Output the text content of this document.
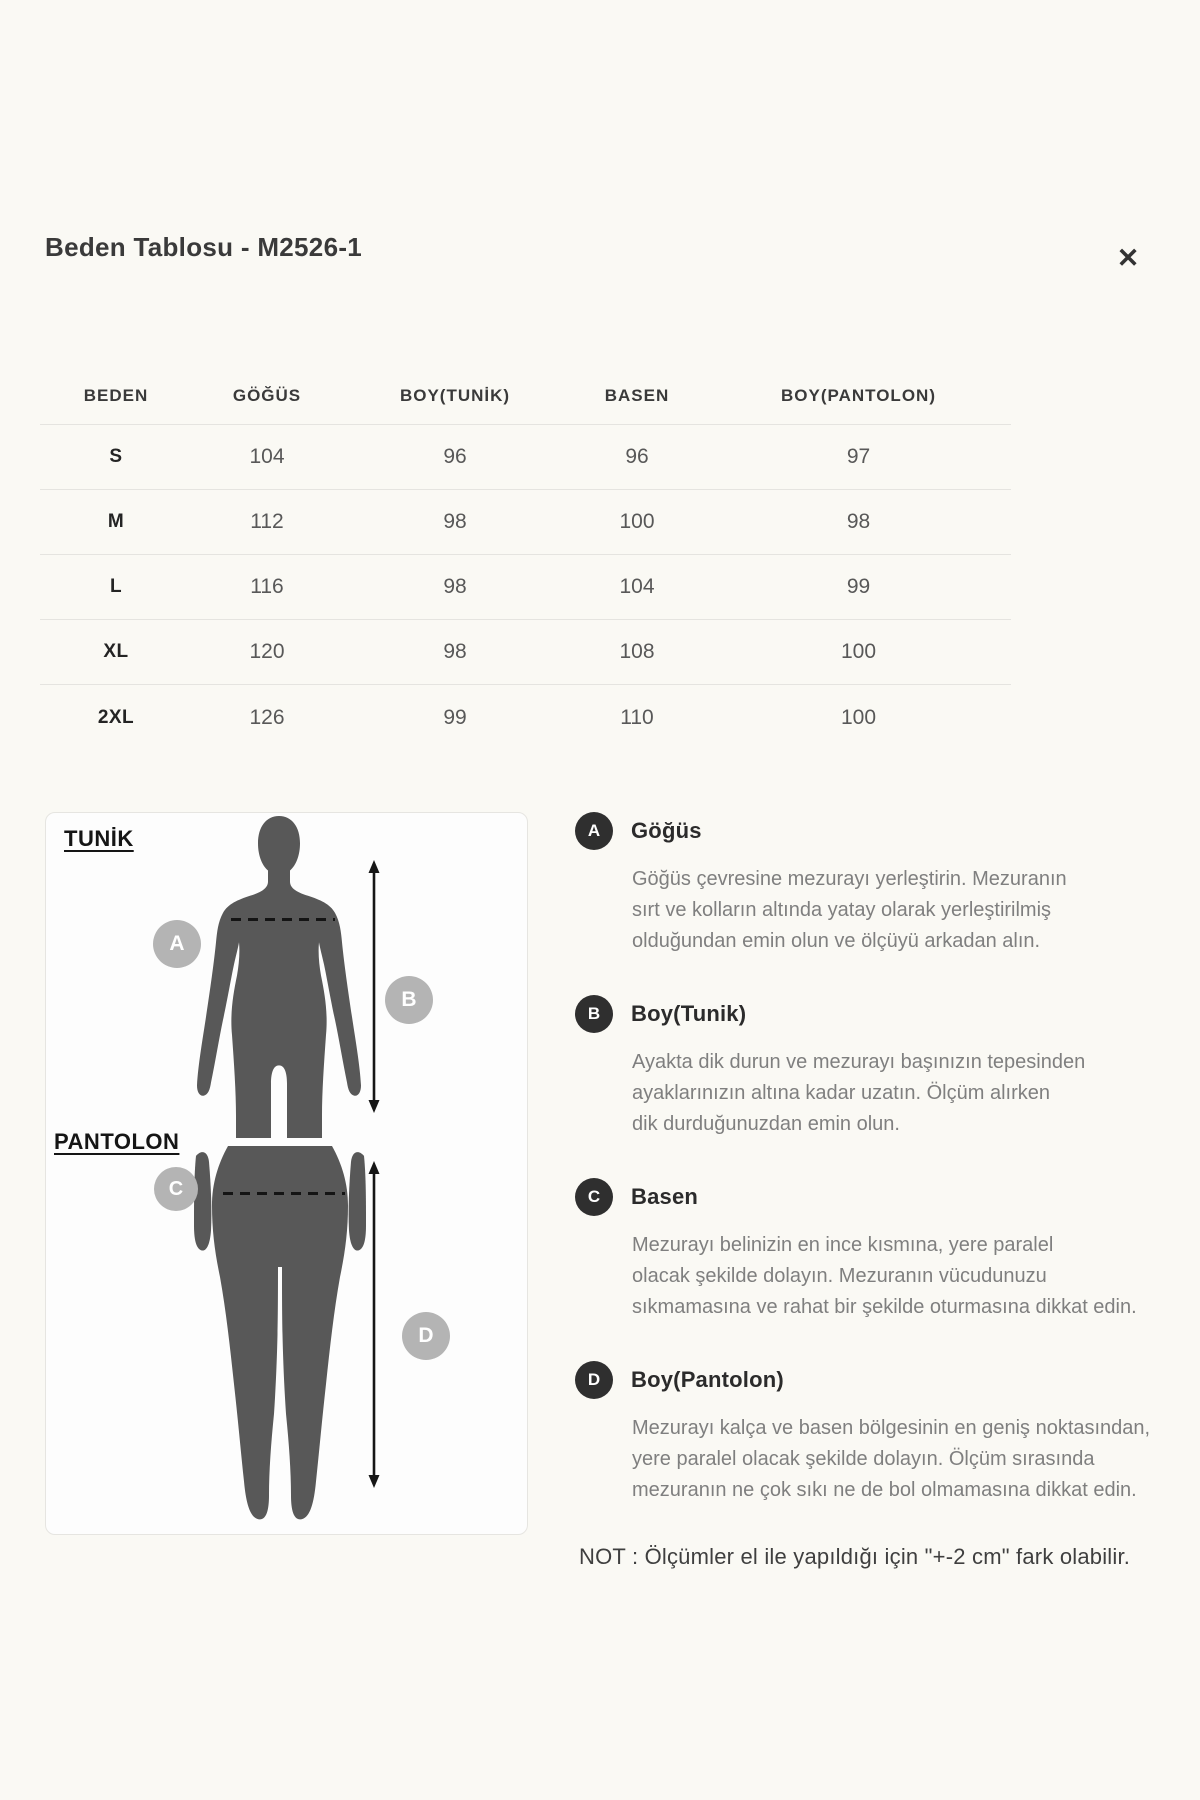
Beden Tablosu - M2526-1	✕
BEDEN	GÖĞÜS	BOY(TUNİK)	BASEN	BOY(PANTOLON)
S	104	96	96	97
M	112	98	100	98
L	116	98	104	99
XL	120	98	108	100
2XL	126	99	110	100
TUNİK
PANTOLON
A
B
C
D
A	Göğüs
Göğüs çevresine mezurayı yerleştirin. Mezuranın
sırt ve kolların altında yatay olarak yerleştirilmiş
olduğundan emin olun ve ölçüyü arkadan alın.
B	Boy(Tunik)
Ayakta dik durun ve mezurayı başınızın tepesinden
ayaklarınızın altına kadar uzatın. Ölçüm alırken
dik durduğunuzdan emin olun.
C	Basen
Mezurayı belinizin en ince kısmına, yere paralel
olacak şekilde dolayın. Mezuranın vücudunuzu
sıkmamasına ve rahat bir şekilde oturmasına dikkat edin.
D	Boy(Pantolon)
Mezurayı kalça ve basen bölgesinin en geniş noktasından,
yere paralel olacak şekilde dolayın. Ölçüm sırasında
mezuranın ne çok sıkı ne de bol olmamasına dikkat edin.
NOT : Ölçümler el ile yapıldığı için "+-2 cm" fark olabilir.
